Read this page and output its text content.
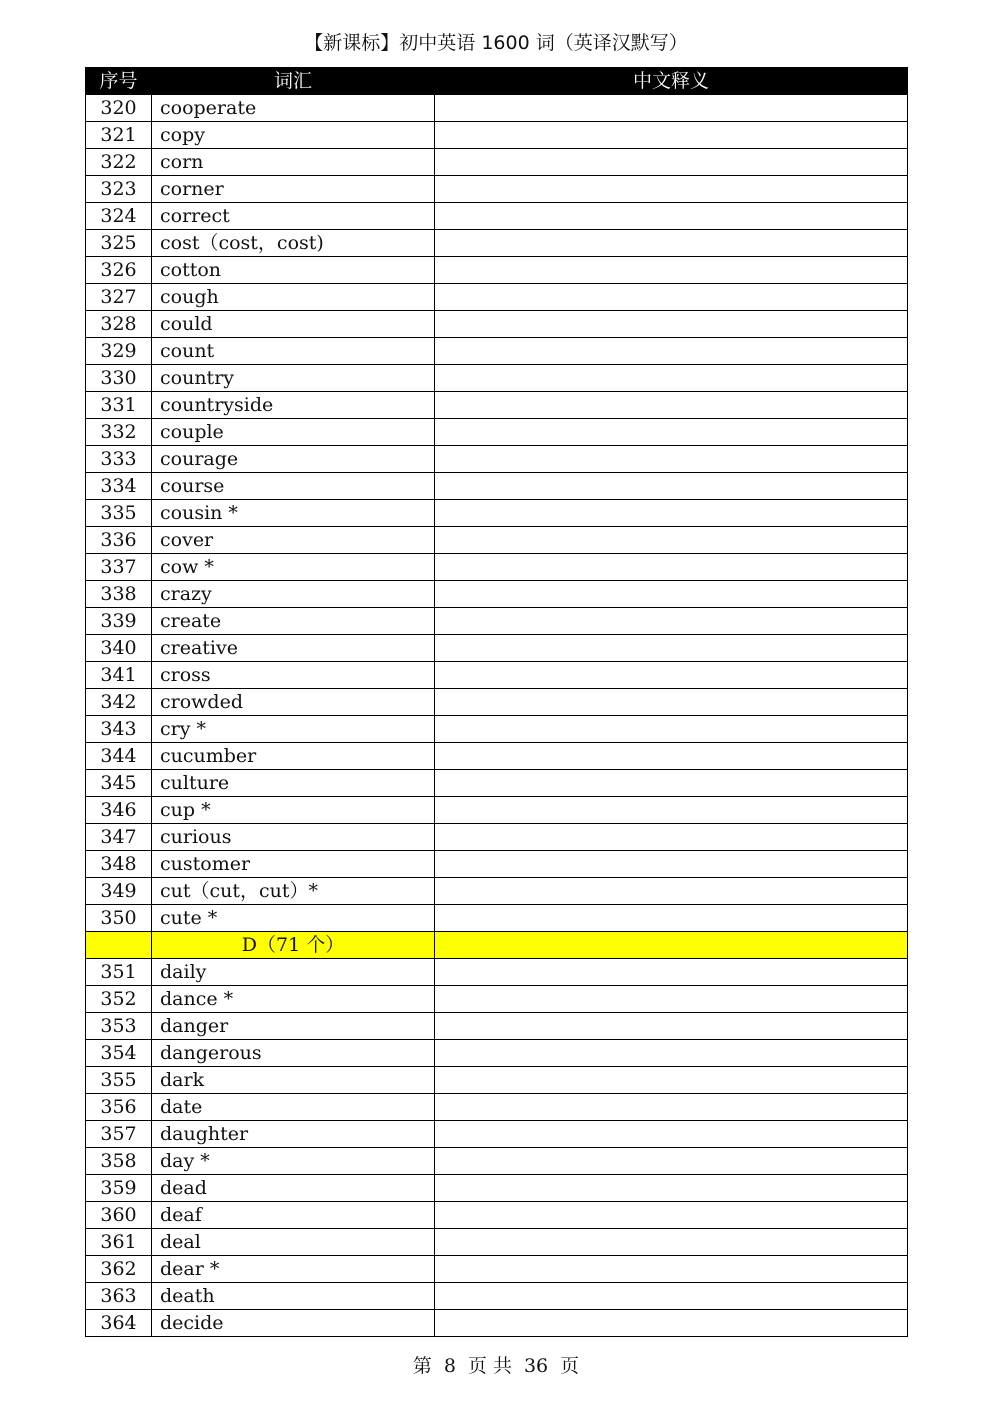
【新课标】初中英语 1600 词（英译汉默写）
序号	词汇	中文释义
320	cooperate	
321	copy	
322	corn	
323	corner	
324	correct	
325	cost（cost，cost)	
326	cotton	
327	cough	
328	could	
329	count	
330	country	
331	countryside	
332	couple	
333	courage	
334	course	
335	cousin *	
336	cover	
337	cow *	
338	crazy	
339	create	
340	creative	
341	cross	
342	crowded	
343	cry *	
344	cucumber	
345	culture	
346	cup *	
347	curious	
348	customer	
349	cut（cut，cut）*	
350	cute *	
	D（71 个）	
351	daily	
352	dance *	
353	danger	
354	dangerous	
355	dark	
356	date	
357	daughter	
358	day *	
359	dead	
360	deaf	
361	deal	
362	dear *	
363	death	
364	decide	
第 8 页 共 36 页
